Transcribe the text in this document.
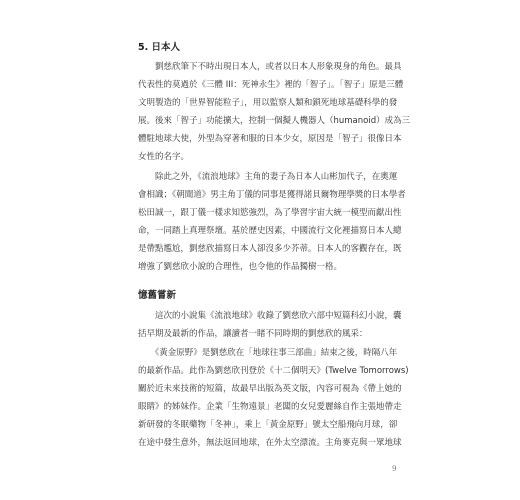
5. 日本人
　　劉慈欣筆下不時出現日本人，或者以日本人形象現身的角色。最具
代表性的莫過於《三體 III：死神永生》裡的「智子」。「智子」原是三體
文明製造的「世界智能粒子」，用以監察人類和鎖死地球基礎科學的發
展。後來「智子」功能擴大，控制一個擬人機器人（humanoid）成為三
體駐地球大使，外型為穿著和服的日本少女，原因是「智子」很像日本
女性的名字。
　　除此之外，《流浪地球》主角的妻子為日本人山彬加代子，在奧運
會相識；《朝聞道》男主角丁儀的同事是獲得諾貝爾物理學獎的日本學者
松田誠一，跟丁儀一樣求知慾強烈，為了學習宇宙大統一模型而獻出性
命，一同踏上真理祭壇。基於歷史因素，中國流行文化裡描寫日本人總
是帶點尷尬，劉慈欣描寫日本人卻沒多少芥蒂。日本人的客觀存在，既
增強了劉慈欣小說的合理性，也令他的作品獨樹一格。
憶舊嘗新
　　這次的小說集《流浪地球》收錄了劉慈欣六部中短篇科幻小說，囊
括早期及最新的作品，讓讀者一睹不同時期的劉慈欣的風采：
　　《黃金原野》是劉慈欣在「地球往事三部曲」結束之後，時隔八年
的最新作品。此作為劉慈欣刊登於《十二個明天》(Twelve Tomorrows)
關於近未來技術的短篇，故最早出版為英文版，內容可視為《帶上她的
眼睛》的姊妹作。企業「生物遠景」老闆的女兒愛麗絲自作主張地帶走
新研發的冬眠藥物「冬神」，乘上「黃金原野」號太空船飛向月球，卻
在途中發生意外，無法返回地球，在外太空漂流。主角麥克與一眾地球
9
